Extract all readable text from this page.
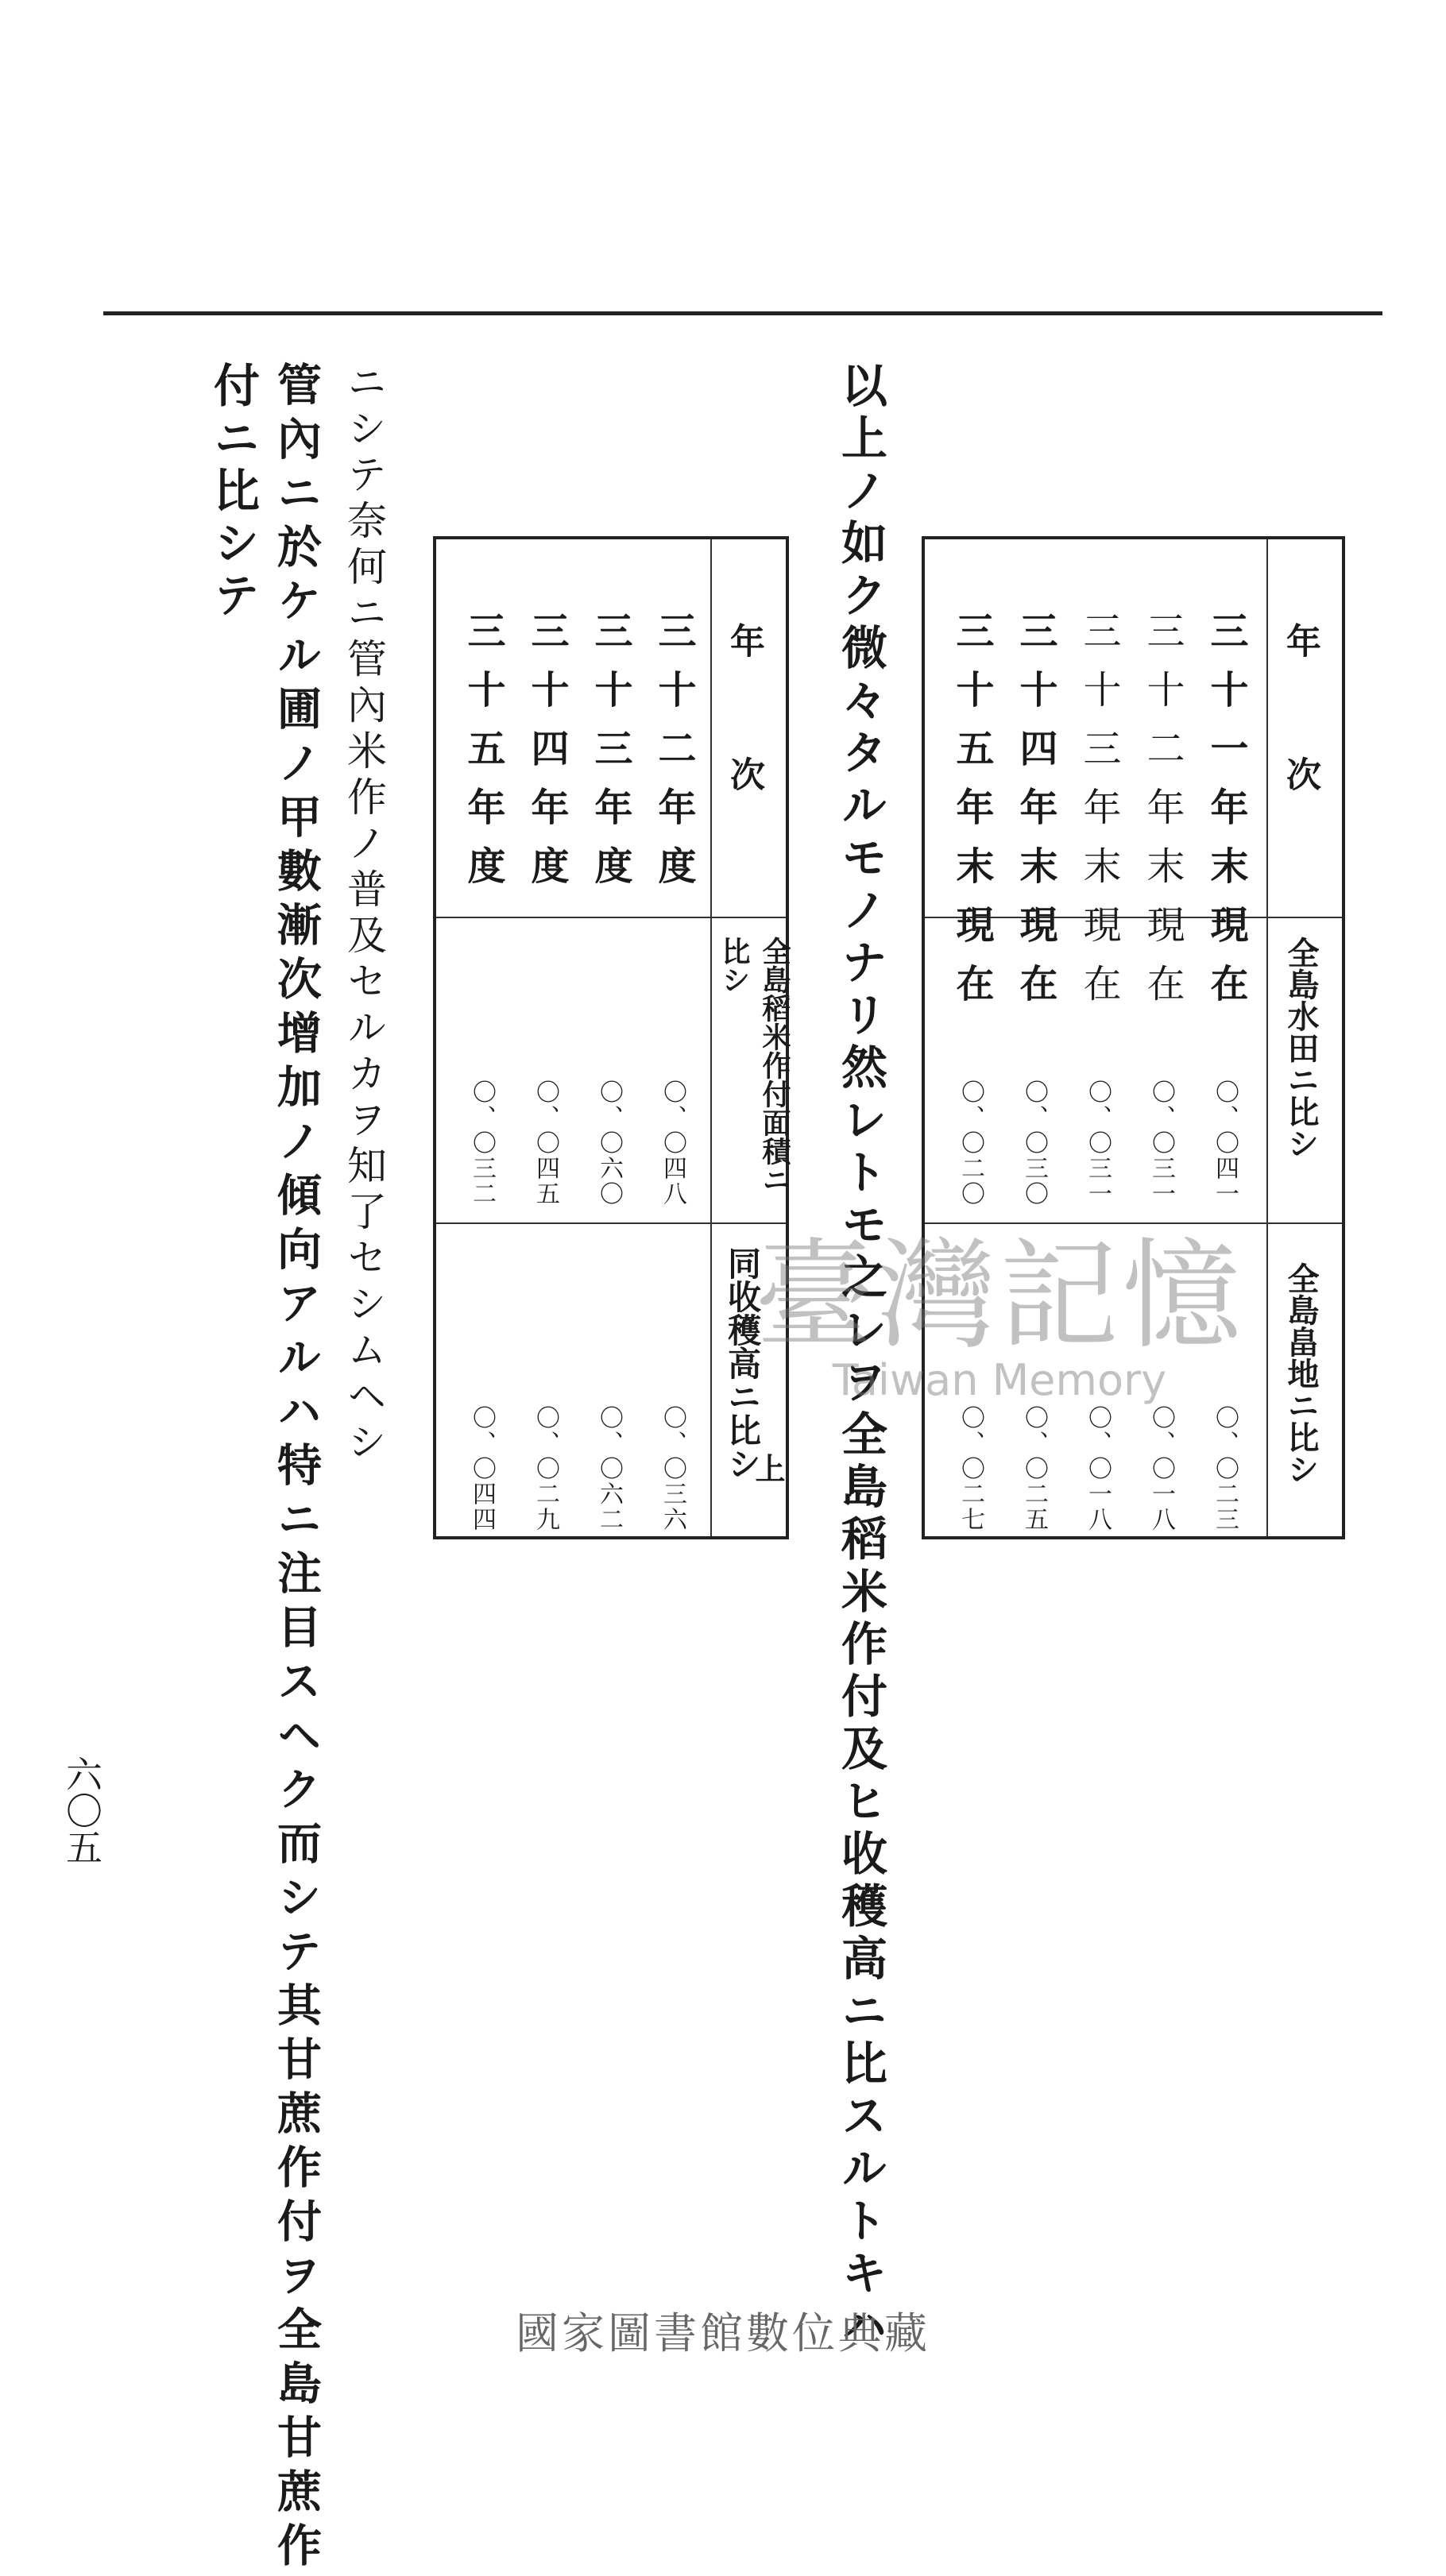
以上ノ如ク微々タルモノナリ然レトモ之レヲ全島稻米作付及ヒ收穫高ニ比スルトキハ
ニシテ奈何ニ管內米作ノ普及セルカヲ知了セシムヘシ
管內ニ於ケル圃ノ甲數漸次增加ノ傾向アルハ特ニ注目スヘク而シテ其甘蔗作付ヲ全島甘蔗作
付ニ比シテ
年　次
全島水田ニ比シ
全島畠地ニ比シ
三十一年末現在
三十二年末現在
三十三年末現在
三十四年末現在
三十五年末現在
〇、〇四一
〇、〇三一
〇、〇三一
〇、〇三〇
〇、〇二〇
〇、〇二三
〇、〇一八
〇、〇一八
〇、〇二五
〇、〇二七
年　次
全島稻米作付面積ニ比シ
同收穫高ニ比シ
上
三十二年度
三十三年度
三十四年度
三十五年度
〇、〇四八
〇、〇六〇
〇、〇四五
〇、〇三二
〇、〇三六
〇、〇六二
〇、〇二九
〇、〇四四
六〇五
臺灣記憶
Taiwan Memory
國家圖書館數位典藏
